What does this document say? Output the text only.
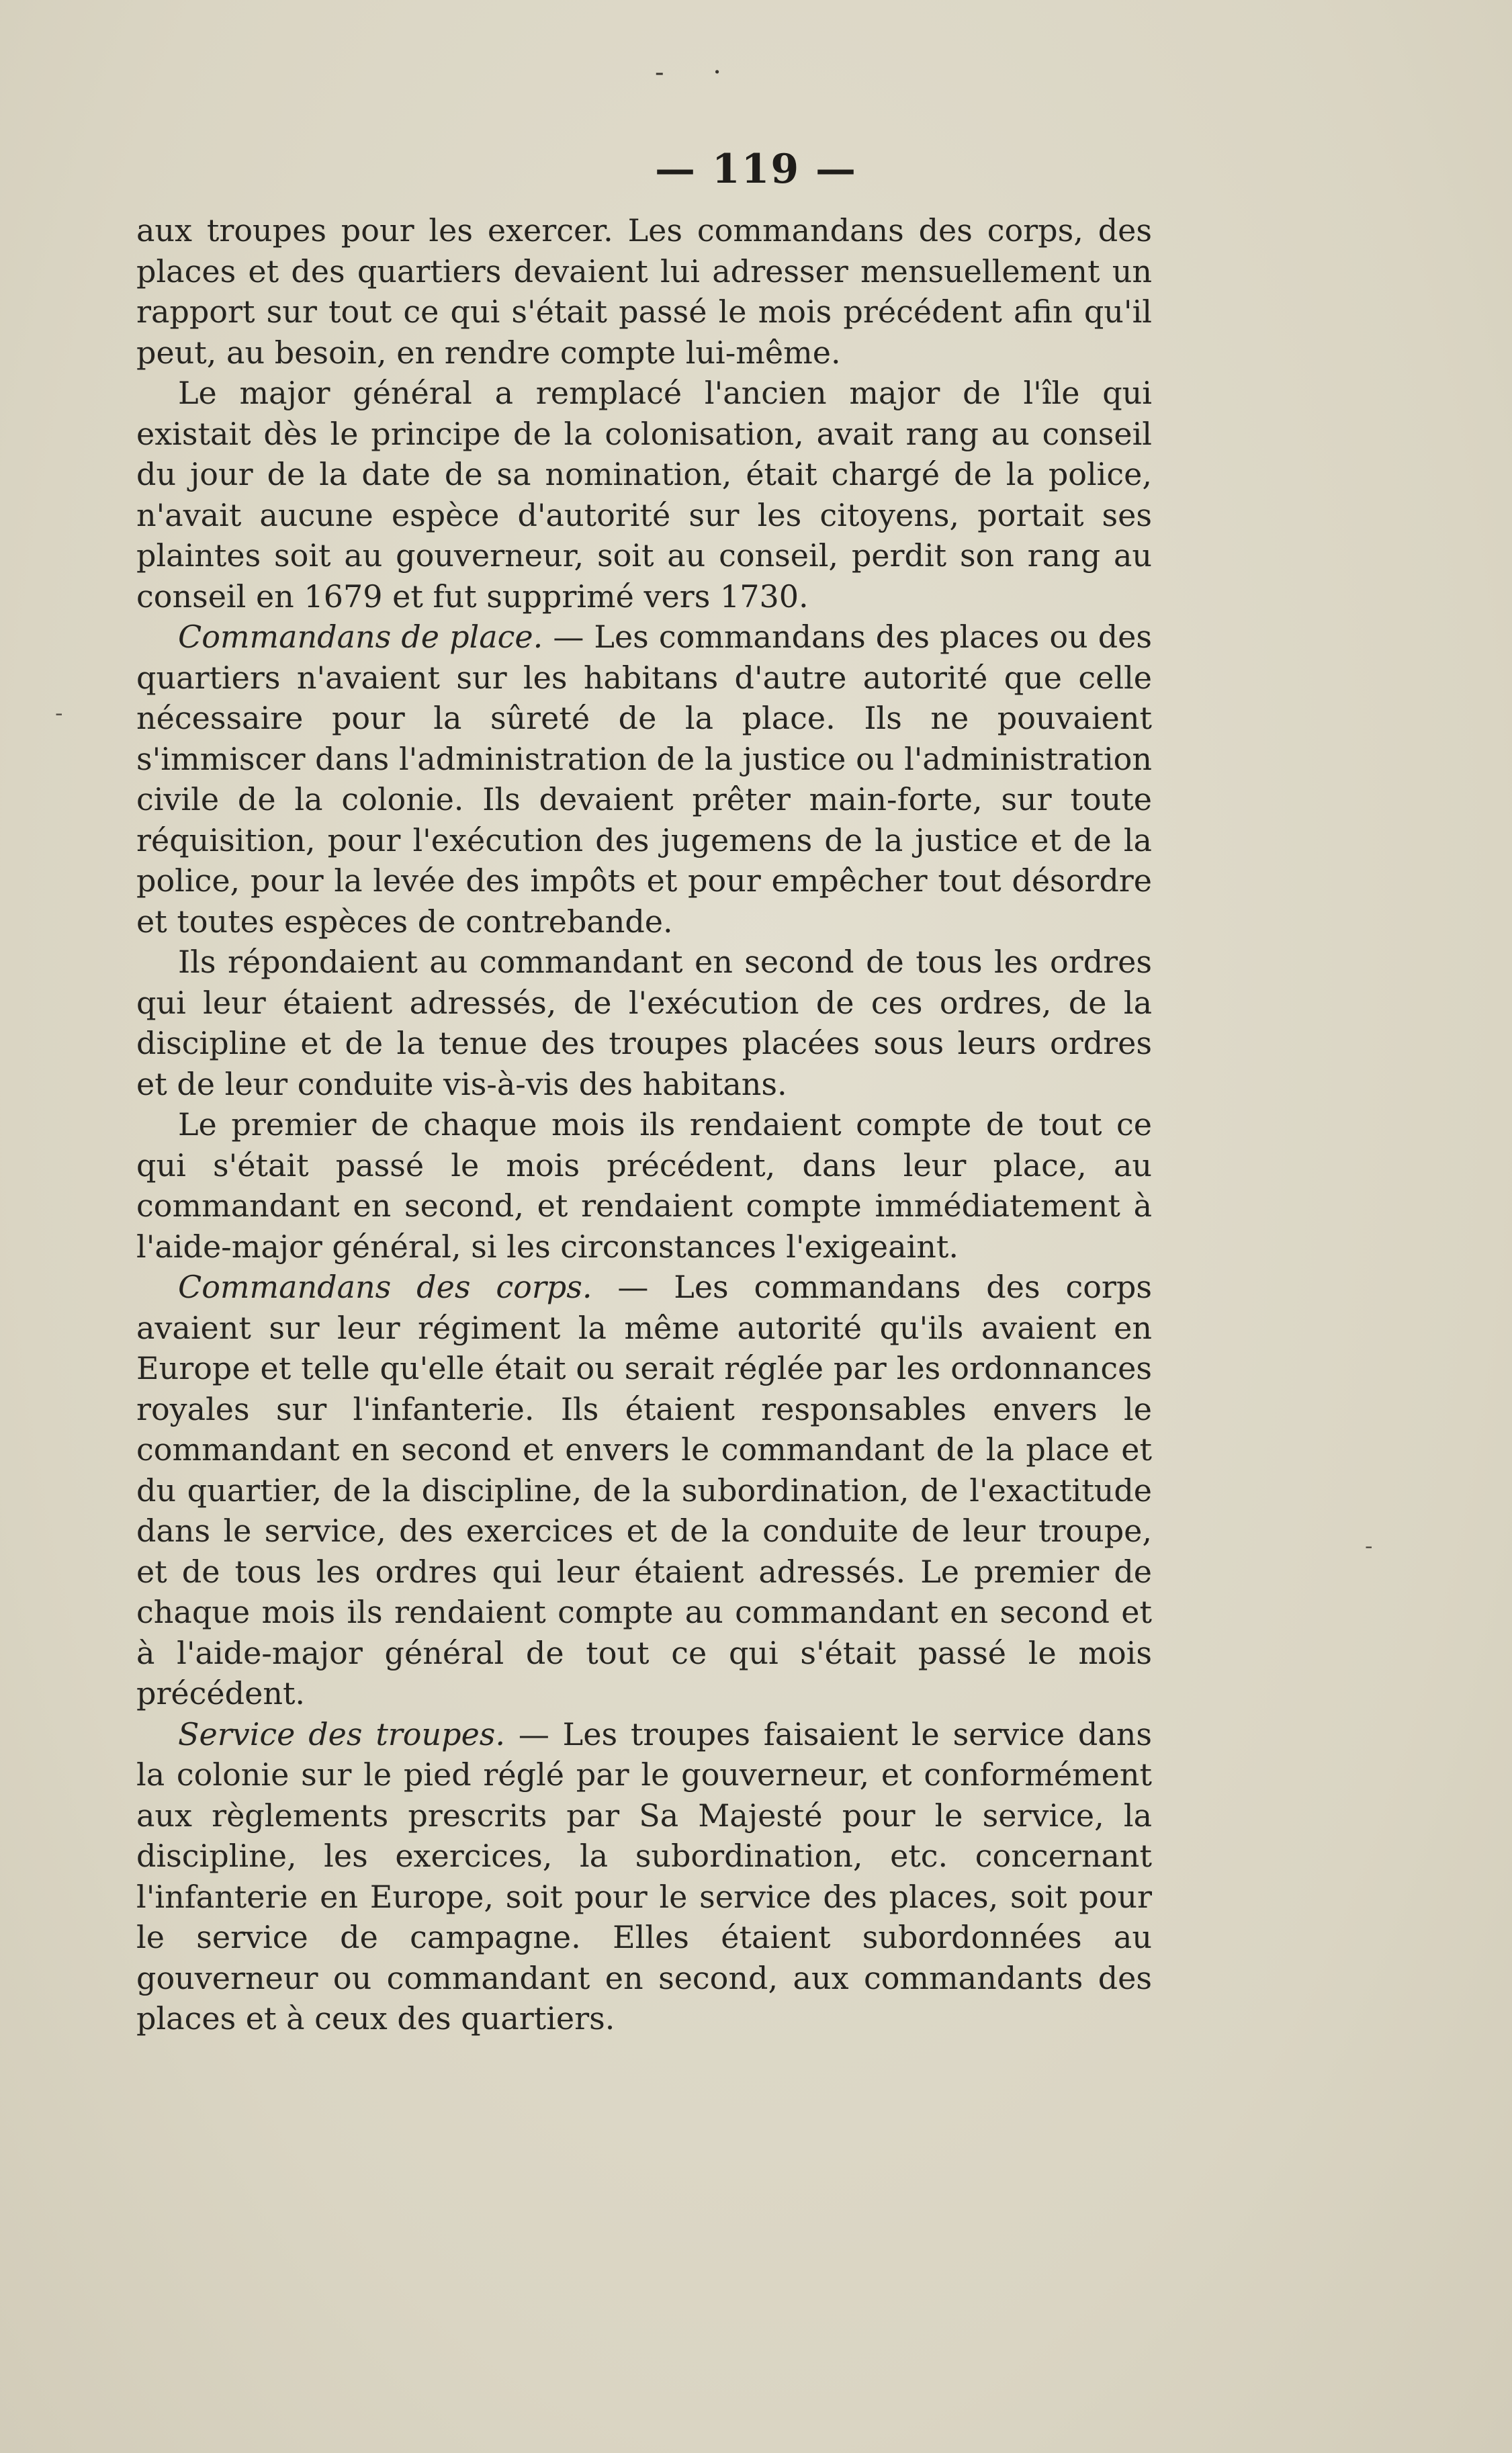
- ·
— 119 —
-
-

aux troupes pour les exercer. Les commandans des corps, des places et des quartiers devaient lui adresser mensuellement un rapport sur tout ce qui s'était passé le mois précédent afin qu'il peut, au besoin, en rendre compte lui-même.

Le major général a remplacé l'ancien major de l'île qui existait dès le principe de la colonisation, avait rang au conseil du jour de la date de sa nomination, était chargé de la police, n'avait aucune espèce d'autorité sur les citoyens, portait ses plaintes soit au gouverneur, soit au conseil, perdit son rang au conseil en 1679 et fut supprimé vers 1730.

Commandans de place. — Les commandans des places ou des quartiers n'avaient sur les habitans d'autre autorité que celle nécessaire pour la sûreté de la place. Ils ne pouvaient s'immiscer dans l'administration de la justice ou l'administration civile de la colonie. Ils devaient prêter main-forte, sur toute réquisition, pour l'exécution des jugemens de la justice et de la police, pour la levée des impôts et pour empêcher tout désordre et toutes espèces de contrebande.

Ils répondaient au commandant en second de tous les ordres qui leur étaient adressés, de l'exécution de ces ordres, de la discipline et de la tenue des troupes placées sous leurs ordres et de leur conduite vis-à-vis des habitans.

Le premier de chaque mois ils rendaient compte de tout ce qui s'était passé le mois précédent, dans leur place, au commandant en second, et rendaient compte immédiatement à l'aide-major général, si les circonstances l'exigeaint.

Commandans des corps. — Les commandans des corps avaient sur leur régiment la même autorité qu'ils avaient en Europe et telle qu'elle était ou serait réglée par les ordonnances royales sur l'infanterie. Ils étaient responsables envers le commandant en second et envers le commandant de la place et du quartier, de la discipline, de la subordination, de l'exactitude dans le service, des exercices et de la conduite de leur troupe, et de tous les ordres qui leur étaient adressés. Le premier de chaque mois ils rendaient compte au commandant en second et à l'aide-major général de tout ce qui s'était passé le mois précédent.

Service des troupes. — Les troupes faisaient le service dans la colonie sur le pied réglé par le gouverneur, et conformément aux règlements prescrits par Sa Majesté pour le service, la discipline, les exercices, la subordination, etc. concernant l'infanterie en Europe, soit pour le service des places, soit pour le service de campagne. Elles étaient subordonnées au gouverneur ou commandant en second, aux commandants des places et à ceux des quartiers.
